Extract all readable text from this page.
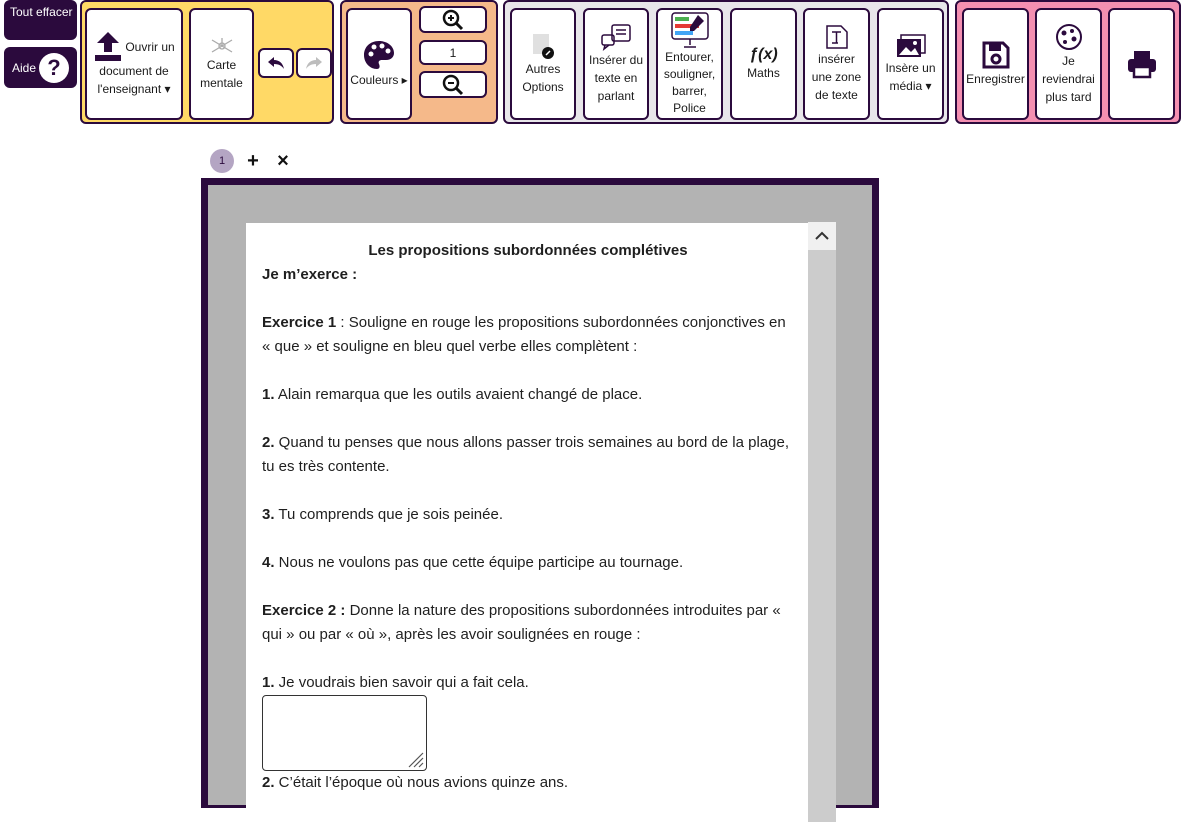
Tout effacer
Aide ?
Ouvrir un
document de
l'enseignant ▾
Carte mentale	Couleurs ▸
1
Autres Options
Insérer du texte en parlant
Entourer, souligner, barrer, Police
ƒ(x)
Maths
insérer une zone de texte
Insère un média ▾	Enregistrer
Je reviendrai plus tard
1	+ ×
Les propositions subordonnées complétives
Je m’exerce :
Exercice 1 : Souligne en rouge les propositions subordonnées conjonctives en « que » et souligne en bleu quel verbe elles complètent :
1. Alain remarqua que les outils avaient changé de place.
2. Quand tu penses que nous allons passer trois semaines au bord de la plage, tu es très contente.
3. Tu comprends que je sois peinée.
4. Nous ne voulons pas que cette équipe participe au tournage.
Exercice 2 : Donne la nature des propositions subordonnées introduites par « qui » ou par « où », après les avoir soulignées en rouge :
1. Je voudrais bien savoir qui a fait cela.
2. C’était l’époque où nous avions quinze ans.
